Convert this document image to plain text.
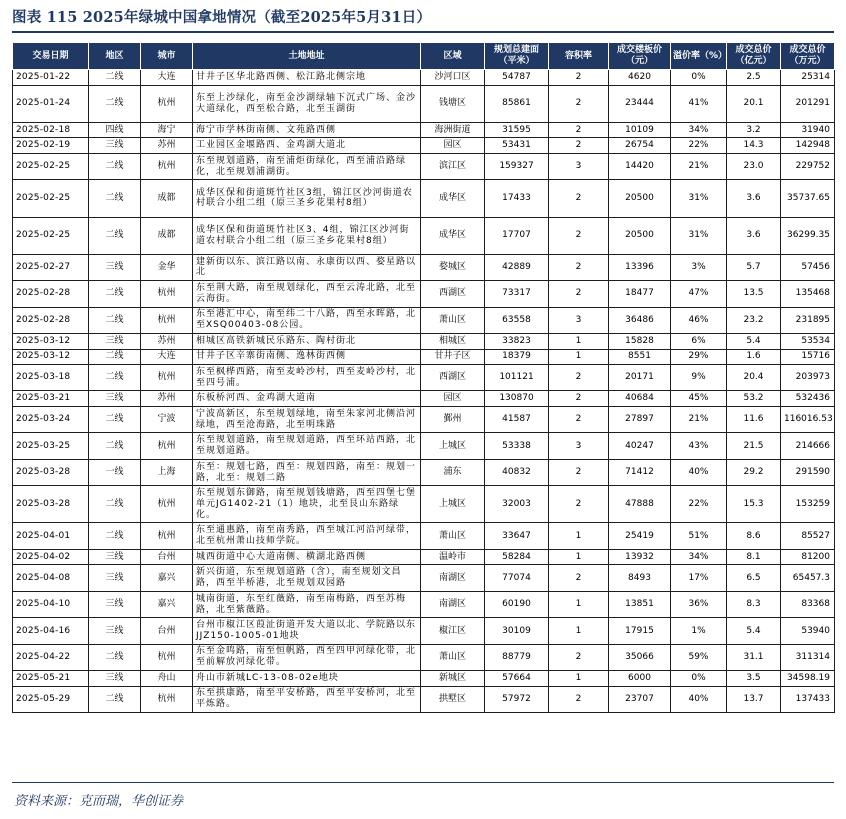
图表 115 2025年绿城中国拿地情况（截至2025年5月31日）
交易日期	地区	城市	土地地址	区域	规划总建面（平米）	容积率	成交楼板价（元）	溢价率（%）	成交总价（亿元）	成交总价（万元）
2025-01-22	二线	大连	甘井子区华北路西侧、松江路北侧宗地	沙河口区	54787	2	4620	0%	2.5	25314
2025-01-24	二线	杭州	东至上沙绿化，南至金沙湖绿轴下沉式广场、金沙大道绿化，西至松合路，北至玉湖街	钱塘区	85861	2	23444	41%	20.1	201291
2025-02-18	四线	海宁	海宁市学林街南侧、文苑路西侧	海洲街道	31595	2	10109	34%	3.2	31940
2025-02-19	三线	苏州	工业园区金堰路西、金鸡湖大道北	园区	53431	2	26754	22%	14.3	142948
2025-02-25	二线	杭州	东至规划道路，南至浦炬街绿化，西至浦沿路绿化，北至规划浦湖街。	滨江区	159327	3	14420	21%	23.0	229752
2025-02-25	二线	成都	成华区保和街道斑竹社区3组，锦江区沙河街道农村联合小组二组（原三圣乡花果村8组）	成华区	17433	2	20500	31%	3.6	35737.65
2025-02-25	二线	成都	成华区保和街道斑竹社区3、4组，锦江区沙河街道农村联合小组二组（原三圣乡花果村8组）	成华区	17707	2	20500	31%	3.6	36299.35
2025-02-27	三线	金华	建新街以东、滨江路以南、永康街以西、婺星路以北	婺城区	42889	2	13396	3%	5.7	57456
2025-02-28	二线	杭州	东至荆大路，南至规划绿化，西至云涛北路，北至云海街。	西湖区	73317	2	18477	47%	13.5	135468
2025-02-28	二线	杭州	东至港汇中心，南至纬二十八路，西至永晖路，北至XSQ00403-08公园。	萧山区	63558	3	36486	46%	23.2	231895
2025-03-12	三线	苏州	相城区高铁新城民乐路东、陶村街北	相城区	33823	1	15828	6%	5.4	53534
2025-03-12	二线	大连	甘井子区辛寨街南侧、逸林街西侧	甘井子区	18379	1	8551	29%	1.6	15716
2025-03-18	二线	杭州	东至枫桦西路，南至麦岭沙村，西至麦岭沙村，北至四号浦。	西湖区	101121	2	20171	9%	20.4	203973
2025-03-21	三线	苏州	东板桥河西、金鸡湖大道南	园区	130870	2	40684	45%	53.2	532436
2025-03-24	二线	宁波	宁波高新区，东至规划绿地，南至朱家河北侧沿河绿地，西至沧海路，北至明珠路	鄞州	41587	2	27897	21%	11.6	116016.53
2025-03-25	二线	杭州	东至规划道路，南至规划道路，西至环站西路，北至规划道路。	上城区	53338	3	40247	43%	21.5	214666
2025-03-28	一线	上海	东至：规划七路，西至：规划四路，南至：规划一路，北至：规划二路	浦东	40832	2	71412	40%	29.2	291590
2025-03-28	二线	杭州	东至规划东御路，南至规划钱塘路，西至四堡七堡单元JG1402-21（1）地块，北至艮山东路绿化。	上城区	32003	2	47888	22%	15.3	153259
2025-04-01	二线	杭州	东至通惠路，南至南秀路，西至城江河沿河绿带，北至杭州萧山技师学院。	萧山区	33647	1	25419	51%	8.6	85527
2025-04-02	三线	台州	城西街道中心大道南侧、横湖北路西侧	温岭市	58284	1	13932	34%	8.1	81200
2025-04-08	三线	嘉兴	新兴街道，东至规划道路（含），南至规划文昌路，西至半桥港，北至规划双园路	南湖区	77074	2	8493	17%	6.5	65457.3
2025-04-10	三线	嘉兴	城南街道，东至红薇路，南至南梅路，西至苏梅路，北至紫薇路。	南湖区	60190	1	13851	36%	8.3	83368
2025-04-16	三线	台州	台州市椒江区葭沚街道开发大道以北、学院路以东JJZ150-1005-01地块	椒江区	30109	1	17915	1%	5.4	53940
2025-04-22	二线	杭州	东至金鸣路，南至恒帆路，西至四甲河绿化带，北至前解放河绿化带。	萧山区	88779	2	35066	59%	31.1	311314
2025-05-21	三线	舟山	舟山市新城LC-13-08-02e地块	新城区	57664	1	6000	0%	3.5	34598.19
2025-05-29	二线	杭州	东至拱康路，南至平安桥路，西至平安桥河，北至平炼路。	拱墅区	57972	2	23707	40%	13.7	137433
资料来源：克而瑞，华创证券
